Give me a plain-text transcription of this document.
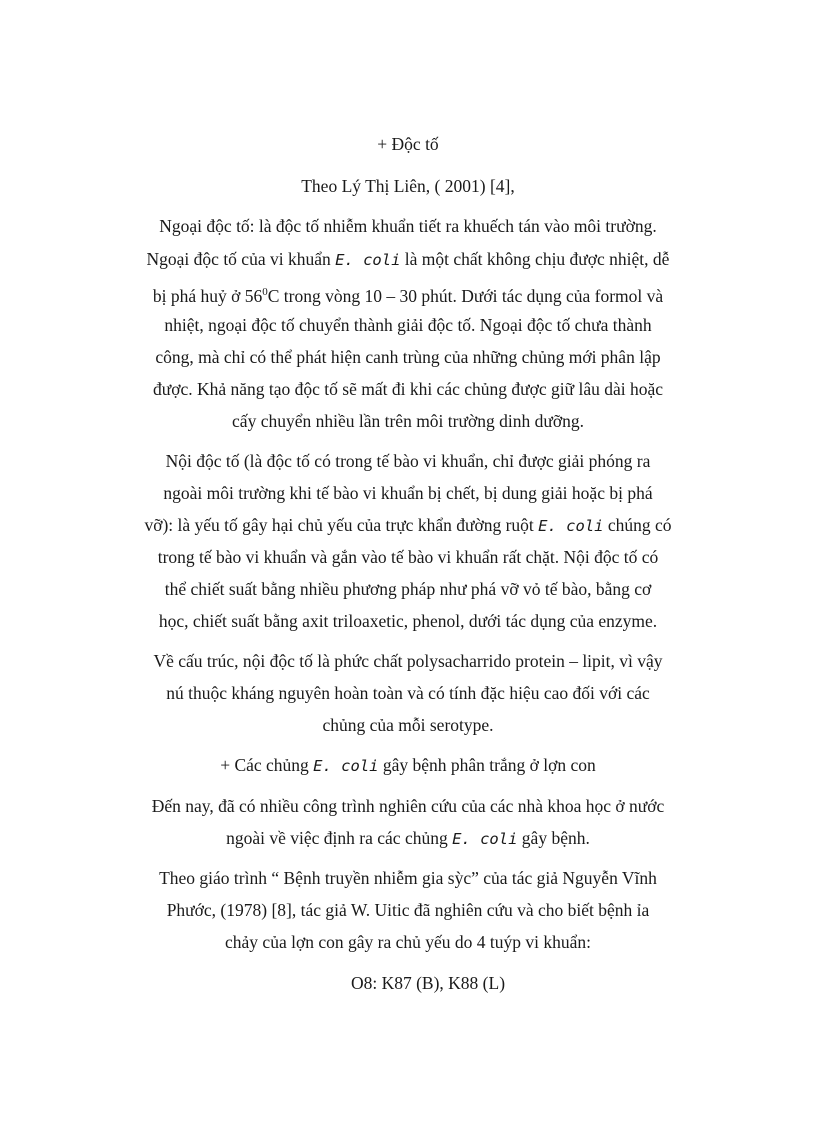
+ Độc tố
Theo Lý Thị Liên, ( 2001) [4],
Ngoại độc tố: là độc tố nhiễm khuẩn tiết ra khuếch tán vào môi trường.
Ngoại độc tố của vi khuẩn E. coli là một chất không chịu được nhiệt, dễ
bị phá huỷ ở $56^0C$ trong vòng 10 – 30 phút. Dưới tác dụng của formol và
nhiệt, ngoại độc tố chuyển thành giải độc tố. Ngoại độc tố chưa thành
công, mà chỉ có thể phát hiện canh trùng của những chủng mới phân lập
được. Khả năng tạo độc tố sẽ mất đi khi các chủng được giữ lâu dài hoặc
cấy chuyển nhiều lần trên môi trường dinh dưỡng.
Nội độc tố (là độc tố có trong tế bào vi khuẩn, chỉ được giải phóng ra
ngoài môi trường khi tế bào vi khuẩn bị chết, bị dung giải hoặc bị phá
vỡ): là yếu tố gây hại chủ yếu của trực khẩn đường ruột E. coli chúng có
trong tế bào vi khuẩn và gắn vào tế bào vi khuẩn rất chặt. Nội độc tố có
thể chiết suất bằng nhiều phương pháp như phá vỡ vỏ tế bào, bằng cơ
học, chiết suất bằng axit triloaxetic, phenol, dưới tác dụng của enzyme.
Về cấu trúc, nội độc tố là phức chất polysacharrido protein – lipit, vì vậy
nú thuộc kháng nguyên hoàn toàn và có tính đặc hiệu cao đối với các
chủng của mỗi serotype.
+ Các chủng E. coli gây bệnh phân trắng ở lợn con
Đến nay, đã có nhiều công trình nghiên cứu của các nhà khoa học ở nước
ngoài về việc định ra các chủng E. coli gây bệnh.
Theo giáo trình “ Bệnh truyền nhiễm gia sỳc” của tác giả Nguyễn Vĩnh
Phước, (1978) [8], tác giả W. Uitic đã nghiên cứu và cho biết bệnh ỉa
chảy của lợn con gây ra chủ yếu do 4 tuýp vi khuẩn:
O8: K87 (B), K88 (L)
